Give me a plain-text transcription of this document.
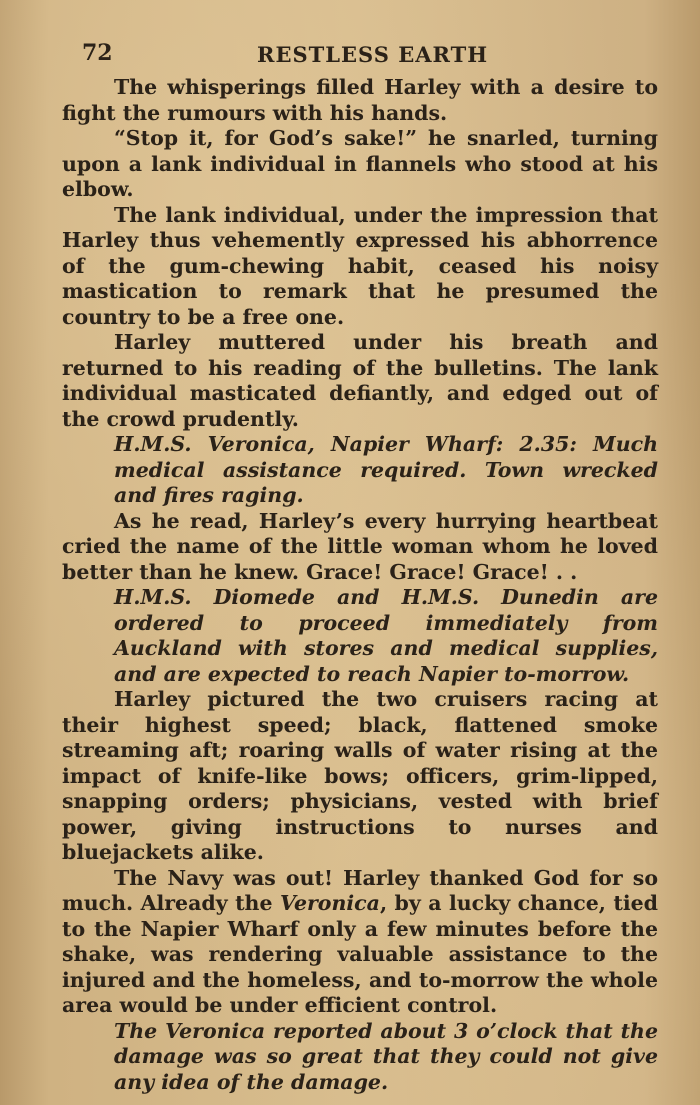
72	RESTLESS EARTH

The whisperings filled Harley with a desire to fight the rumours with his hands.

“Stop it, for God’s sake!” he snarled, turning upon a lank individual in flannels who stood at his elbow.

The lank individual, under the impression that Harley thus vehemently expressed his abhorrence of the gum-chewing habit, ceased his noisy mastication to remark that he presumed the country to be a free one.

Harley muttered under his breath and returned to his reading of the bulletins. The lank individual masticated defiantly, and edged out of the crowd prudently.

H.M.S. Veronica, Napier Wharf: 2.35: Much medical assistance required. Town wrecked and fires raging.

As he read, Harley’s every hurrying heartbeat cried the name of the little woman whom he loved better than he knew. Grace! Grace! Grace! . .

H.M.S. Diomede and H.M.S. Dunedin are ordered to proceed immediately from Auckland with stores and medical supplies, and are expected to reach Napier to-morrow.

Harley pictured the two cruisers racing at their highest speed; black, flattened smoke streaming aft; roaring walls of water rising at the impact of knife-like bows; officers, grim-lipped, snapping orders; physicians, vested with brief power, giving instructions to nurses and bluejackets alike.

The Navy was out! Harley thanked God for so much. Already the Veronica, by a lucky chance, tied to the Napier Wharf only a few minutes before the shake, was rendering valuable assistance to the injured and the homeless, and to-morrow the whole area would be under efficient control.

The Veronica reported about 3 o’clock that the damage was so great that they could not give any idea of the damage.
